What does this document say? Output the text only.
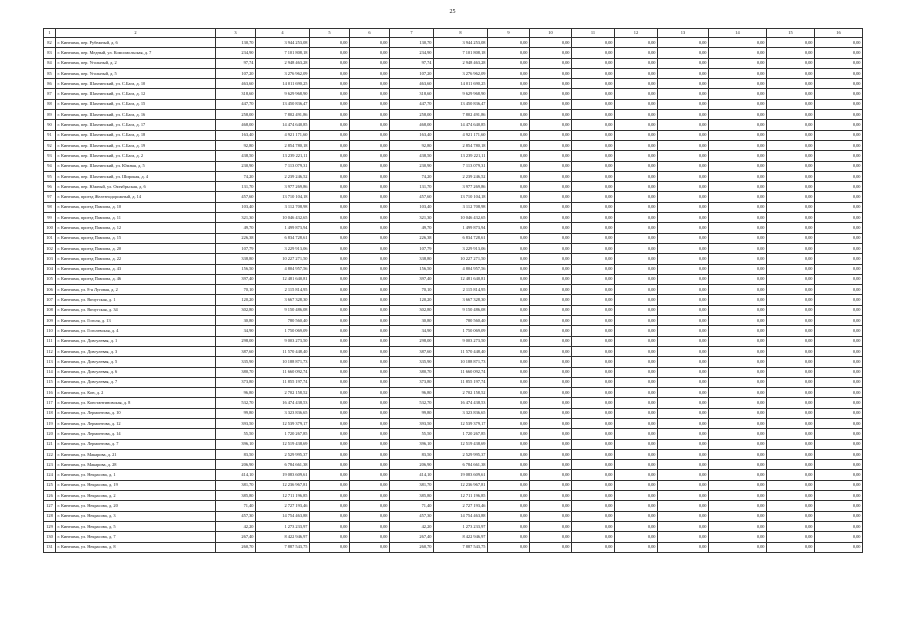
25
1	2	3	4	5	6	7	8	9	10	11	12	13	14	15	16
82	г. Кинешма, пер. Рубежный, д. 6	130,70	3 944 253,08	0,00	0,00	130,70	3 944 253,08	0,00	0,00	0,00	0,00	0,00	0,00	0,00	0,00
83	г. Кинешма, пер. Медный, ул. Комсомольская, д. 7	234,90	7 101 808,18	0,00	0,00	234,90	7 101 808,18	0,00	0,00	0,00	0,00	0,00	0,00	0,00	0,00
84	г. Кинешма, пер. Угольный, д. 2	97,74	2 948 463,28	0,00	0,00	97,74	2 948 463,28	0,00	0,00	0,00	0,00	0,00	0,00	0,00	0,00
85	г. Кинешма, пер. Угольный, д. 5	107,20	3 276 962,09	0,00	0,00	107,20	3 276 962,09	0,00	0,00	0,00	0,00	0,00	0,00	0,00	0,00
86	г. Кинешма, пер. Шахтинский, ул. С.Бага, д. 10	463,60	14 011 690,25	0,00	0,00	463,60	14 011 690,25	0,00	0,00	0,00	0,00	0,00	0,00	0,00	0,00
87	г. Кинешма, пер. Шахтинский, ул. С.Бага, д. 12	318,60	9 629 968,90	0,00	0,00	318,60	9 629 968,90	0,00	0,00	0,00	0,00	0,00	0,00	0,00	0,00
88	г. Кинешма, пер. Шахтинский, ул. С.Бага, д. 15	447,70	13 450 836,47	0,00	0,00	447,70	13 450 836,47	0,00	0,00	0,00	0,00	0,00	0,00	0,00	0,00
89	г. Кинешма, пер. Шахтинский, ул. С.Бага, д. 16	258,00	7 802 491,86	0,00	0,00	258,00	7 802 491,86	0,00	0,00	0,00	0,00	0,00	0,00	0,00	0,00
90	г. Кинешма, пер. Шахтинский, ул. С.Бага, д. 17	468,00	14 474 640,85	0,00	0,00	468,00	14 474 640,85	0,00	0,00	0,00	0,00	0,00	0,00	0,00	0,00
91	г. Кинешма, пер. Шахтинский, ул. С.Бага, д. 18	163,40	4 921 171,60	0,00	0,00	163,40	4 921 171,60	0,00	0,00	0,00	0,00	0,00	0,00	0,00	0,00
92	г. Кинешма, пер. Шахтинский, ул. С.Бага, д. 19	92,80	2 854 780,18	0,00	0,00	92,80	2 854 780,18	0,00	0,00	0,00	0,00	0,00	0,00	0,00	0,00
93	г. Кинешма, пер. Шахтинский, ул. С.Бага, д. 2	438,50	13 239 221,11	0,00	0,00	438,50	13 239 221,11	0,00	0,00	0,00	0,00	0,00	0,00	0,00	0,00
94	г. Кинешма, пер. Шахтинский, ул. Южная, д. 5	230,90	7 113 079,31	0,00	0,00	230,90	7 113 079,31	0,00	0,00	0,00	0,00	0,00	0,00	0,00	0,00
95	г. Кинешма, пер. Шахтинский, ул. Широкая, д. 4	74,20	2 239 246,52	0,00	0,00	74,20	2 239 246,52	0,00	0,00	0,00	0,00	0,00	0,00	0,00	0,00
96	г. Кинешма, пер. Южный, ул. Октябрьская, д. 6	131,70	3 977 269,86	0,00	0,00	131,70	3 977 269,86	0,00	0,00	0,00	0,00	0,00	0,00	0,00	0,00
97	г. Кинешма, проезд Железнодорожный, д. 14	457,60	13 710 104,18	0,00	0,00	457,60	13 710 104,18	0,00	0,00	0,00	0,00	0,00	0,00	0,00	0,00
98	г. Кинешма, проезд Павлова, д. 10	103,40	3 112 708,98	0,00	0,00	103,40	3 112 708,98	0,00	0,00	0,00	0,00	0,00	0,00	0,00	0,00
99	г. Кинешма, проезд Павлова, д. 11	321,30	10 046 432,65	0,00	0,00	321,30	10 046 432,65	0,00	0,00	0,00	0,00	0,00	0,00	0,00	0,00
100	г. Кинешма, проезд Павлова, д. 12	49,70	1 499 873,94	0,00	0,00	49,70	1 499 873,94	0,00	0,00	0,00	0,00	0,00	0,00	0,00	0,00
101	г. Кинешма, проезд Павлова, д. 15	226,38	6 834 728,61	0,00	0,00	226,38	6 834 728,61	0,00	0,00	0,00	0,00	0,00	0,00	0,00	0,00
102	г. Кинешма, проезд Павлова, д. 20	107,79	3 229 913,06	0,00	0,00	107,79	3 229 913,06	0,00	0,00	0,00	0,00	0,00	0,00	0,00	0,00
103	г. Кинешма, проезд Павлова, д. 22	338,80	10 227 271,50	0,00	0,00	338,80	10 227 271,50	0,00	0,00	0,00	0,00	0,00	0,00	0,00	0,00
104	г. Кинешма, проезд Павлова, д. 43	156,50	4 804 957,56	0,00	0,00	156,50	4 804 957,56	0,00	0,00	0,00	0,00	0,00	0,00	0,00	0,00
105	г. Кинешма, проезд Павлова, д. 46	397,40	12 481 640,81	0,00	0,00	397,40	12 481 640,81	0,00	0,00	0,00	0,00	0,00	0,00	0,00	0,00
106	г. Кинешма, ул. 8-я Луговая, д. 2	70,10	2 115 814,95	0,00	0,00	70,10	2 115 814,95	0,00	0,00	0,00	0,00	0,00	0,00	0,00	0,00
107	г. Кинешма, ул. Вичугская, д. 1	120,20	3 667 328,30	0,00	0,00	120,20	3 667 328,30	0,00	0,00	0,00	0,00	0,00	0,00	0,00	0,00
108	г. Кинешма, ул. Вичугская, д. 34	302,80	9 150 486,08	0,00	0,00	302,80	9 150 486,08	0,00	0,00	0,00	0,00	0,00	0,00	0,00	0,00
109	г. Кинешма, ул. Гоголя, д. 13	30,80	780 560,40	0,00	0,00	30,80	780 560,40	0,00	0,00	0,00	0,00	0,00	0,00	0,00	0,00
110	г. Кинешма, ул. Гоголевская, д. 4	34,90	1 750 069,09	0,00	0,00	34,90	1 750 069,09	0,00	0,00	0,00	0,00	0,00	0,00	0,00	0,00
111	г. Кинешма, ул. Довгулевая, д. 1	298,00	9 003 273,50	0,00	0,00	298,00	9 003 273,50	0,00	0,00	0,00	0,00	0,00	0,00	0,00	0,00
112	г. Кинешма, ул. Довгулевая, д. 3	387,60	11 570 448,40	0,00	0,00	387,60	11 570 448,40	0,00	0,00	0,00	0,00	0,00	0,00	0,00	0,00
113	г. Кинешма, ул. Довгулевая, д. 5	335,90	10 188 871,73	0,00	0,00	335,90	10 188 871,73	0,00	0,00	0,00	0,00	0,00	0,00	0,00	0,00
114	г. Кинешма, ул. Довгулевая, д. 6	380,70	11 660 092,74	0,00	0,00	380,70	11 660 092,74	0,00	0,00	0,00	0,00	0,00	0,00	0,00	0,00
115	г. Кинешма, ул. Довгулевая, д. 7	373,80	11 855 197,74	0,00	0,00	373,80	11 855 197,74	0,00	0,00	0,00	0,00	0,00	0,00	0,00	0,00
116	г. Кинешма, ул. Кон, д. 2	96,80	2 702 158,52	0,00	0,00	96,80	2 702 158,52	0,00	0,00	0,00	0,00	0,00	0,00	0,00	0,00
117	г. Кинешма, ул. Константиновская, д. 8	532,70	16 474 438,53	0,00	0,00	532,70	16 474 438,53	0,00	0,00	0,00	0,00	0,00	0,00	0,00	0,00
118	г. Кинешма, ул. Лермонтова, д. 10	99,80	3 323 836,65	0,00	0,00	99,80	3 323 836,65	0,00	0,00	0,00	0,00	0,00	0,00	0,00	0,00
119	г. Кинешма, ул. Лермонтова, д. 12	393,50	12 539 379,17	0,00	0,00	393,50	12 539 379,17	0,00	0,00	0,00	0,00	0,00	0,00	0,00	0,00
120	г. Кинешма, ул. Лермонтова, д. 14	55,50	1 720 267,85	0,00	0,00	55,50	1 720 267,85	0,00	0,00	0,00	0,00	0,00	0,00	0,00	0,00
121	г. Кинешма, ул. Лермонтова, д. 7	396,10	12 519 438,69	0,00	0,00	396,10	12 519 438,69	0,00	0,00	0,00	0,00	0,00	0,00	0,00	0,00
122	г. Кинешма, ул. Макарова, д. 21	83,50	2 529 995,37	0,00	0,00	83,50	2 529 995,37	0,00	0,00	0,00	0,00	0,00	0,00	0,00	0,00
123	г. Кинешма, ул. Макарова, д. 28	206,90	6 784 661,38	0,00	0,00	206,90	6 784 661,38	0,00	0,00	0,00	0,00	0,00	0,00	0,00	0,00
124	г. Кинешма, ул. Некрасова, д. 1	414,10	19 083 609,61	0,00	0,00	414,10	19 083 609,61	0,00	0,00	0,00	0,00	0,00	0,00	0,00	0,00
125	г. Кинешма, ул. Некрасова, д. 19	381,70	12 236 967,81	0,00	0,00	381,70	12 236 967,81	0,00	0,00	0,00	0,00	0,00	0,00	0,00	0,00
126	г. Кинешма, ул. Некрасова, д. 2	385,80	12 711 196,85	0,00	0,00	385,80	12 711 196,85	0,00	0,00	0,00	0,00	0,00	0,00	0,00	0,00
127	г. Кинешма, ул. Некрасова, д. 20	71,40	2 727 193,46	0,00	0,00	71,40	2 727 193,46	0,00	0,00	0,00	0,00	0,00	0,00	0,00	0,00
128	г. Кинешма, ул. Некрасова, д. 3	457,30	14 754 463,88	0,00	0,00	457,30	14 754 463,88	0,00	0,00	0,00	0,00	0,00	0,00	0,00	0,00
129	г. Кинешма, ул. Некрасова, д. 5	42,20	1 273 233,97	0,00	0,00	42,20	1 273 233,97	0,00	0,00	0,00	0,00	0,00	0,00	0,00	0,00
130	г. Кинешма, ул. Некрасова, д. 7	267,40	8 422 946,97	0,00	0,00	267,40	8 422 946,97	0,00	0,00	0,00	0,00	0,00	0,00	0,00	0,00
131	г. Кинешма, ул. Некрасова, д. 8	260,70	7 887 543,75	0,00	0,00	260,70	7 887 543,75	0,00	0,00	0,00	0,00	0,00	0,00	0,00	0,00
